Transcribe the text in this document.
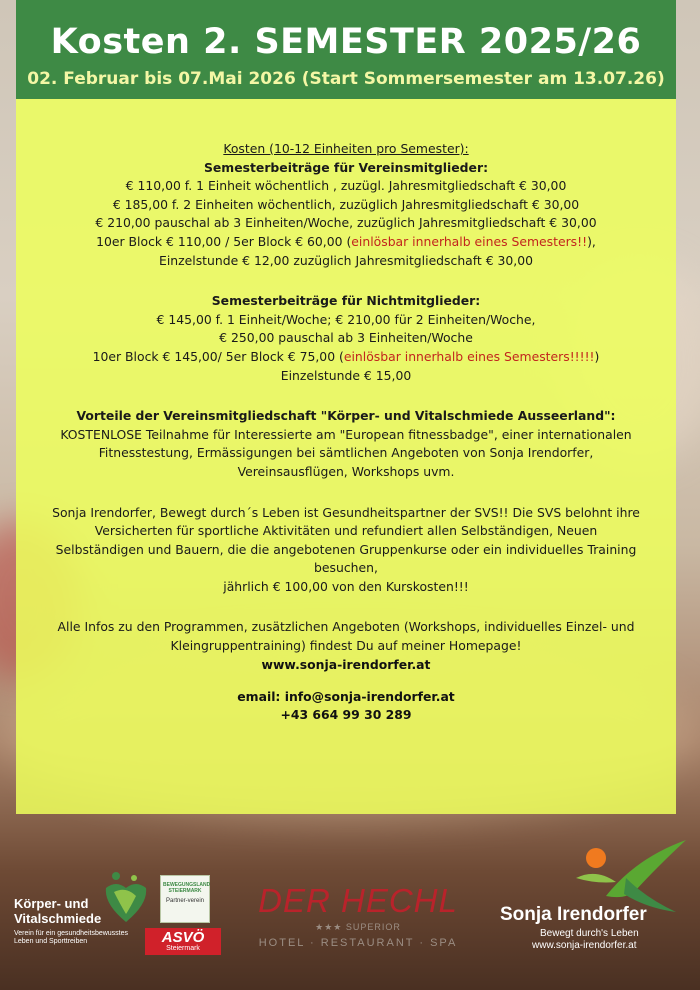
Kosten 2. SEMESTER 2025/26
02. Februar bis 07.Mai 2026 (Start Sommersemester am 13.07.26)

Kosten (10-12 Einheiten pro Semester):

Semesterbeiträge für Vereinsmitglieder:

€ 110,00 f. 1 Einheit wöchentlich , zuzügl. Jahresmitgliedschaft € 30,00

€ 185,00 f. 2 Einheiten wöchentlich, zuzüglich Jahresmitgliedschaft € 30,00

€ 210,00 pauschal ab 3 Einheiten/Woche, zuzüglich Jahresmitgliedschaft € 30,00

10er Block € 110,00 / 5er Block € 60,00 (einlösbar innerhalb eines Semesters!!),

Einzelstunde € 12,00 zuzüglich Jahresmitgliedschaft € 30,00

Semesterbeiträge für Nichtmitglieder:

€ 145,00 f. 1 Einheit/Woche; € 210,00 für 2 Einheiten/Woche,

€ 250,00 pauschal ab 3 Einheiten/Woche

10er Block € 145,00/ 5er Block € 75,00 (einlösbar innerhalb eines Semesters!!!!!)

Einzelstunde € 15,00

Vorteile der Vereinsmitgliedschaft "Körper- und Vitalschmiede Ausseerland":

KOSTENLOSE Teilnahme für Interessierte am "European fitnessbadge", einer internationalen

Fitnesstestung, Ermässigungen bei sämtlichen Angeboten von Sonja Irendorfer,

Vereinsausflügen, Workshops uvm.

Sonja Irendorfer, Bewegt durch´s Leben ist Gesundheitspartner der SVS!! Die SVS belohnt ihre

Versicherten für sportliche Aktivitäten und refundiert allen Selbständigen, Neuen

Selbständigen und Bauern, die die angebotenen Gruppenkurse oder ein individuelles Training

besuchen,

jährlich € 100,00 von den Kurskosten!!!

Alle Infos zu den Programmen, zusätzlichen Angeboten (Workshops, individuelles Einzel- und

Kleingruppentraining) findest Du auf meiner Homepage!

www.sonja-irendorfer.at

email: info@sonja-irendorfer.at

+43 664 99 30 289

Körper- und
Vitalschmiede
Verein für ein gesundheitsbewusstes Leben und Sporttreiben
BEWEGUNGSLAND STEIERMARK
Partner-verein
ASVÖ
Steiermark
DER HECHL
★★★ SUPERIOR
HOTEL · RESTAURANT · SPA
Sonja Irendorfer
Bewegt durch's Leben
www.sonja-irendorfer.at
